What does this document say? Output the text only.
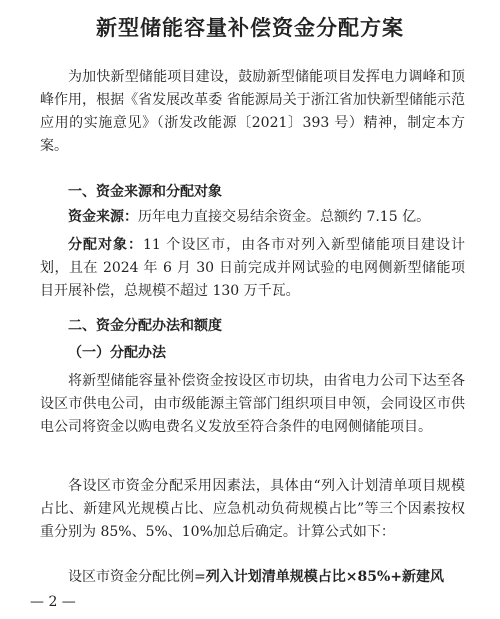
新型储能容量补偿资金分配方案
为加快新型储能项目建设，鼓励新型储能项目发挥电力调峰和顶峰作用，根据《省发展改革委 省能源局关于浙江省加快新型储能示范应用的实施意见》（浙发改能源〔2021〕393 号）精神，制定本方案。
一、资金来源和分配对象
资金来源：历年电力直接交易结余资金。总额约 7.15 亿。
分配对象：11 个设区市，由各市对列入新型储能项目建设计划，且在 2024 年 6 月 30 日前完成并网试验的电网侧新型储能项目开展补偿，总规模不超过 130 万千瓦。
二、资金分配办法和额度
（一）分配办法
将新型储能容量补偿资金按设区市切块，由省电力公司下达至各设区市供电公司，由市级能源主管部门组织项目申领，会同设区市供电公司将资金以购电费名义发放至符合条件的电网侧储能项目。
各设区市资金分配采用因素法，具体由“列入计划清单项目规模占比、新建风光规模占比、应急机动负荷规模占比”等三个因素按权重分别为 85%、5%、10%加总后确定。计算公式如下：
设区市资金分配比例=列入计划清单规模占比×85%+新建风
— 2 —
